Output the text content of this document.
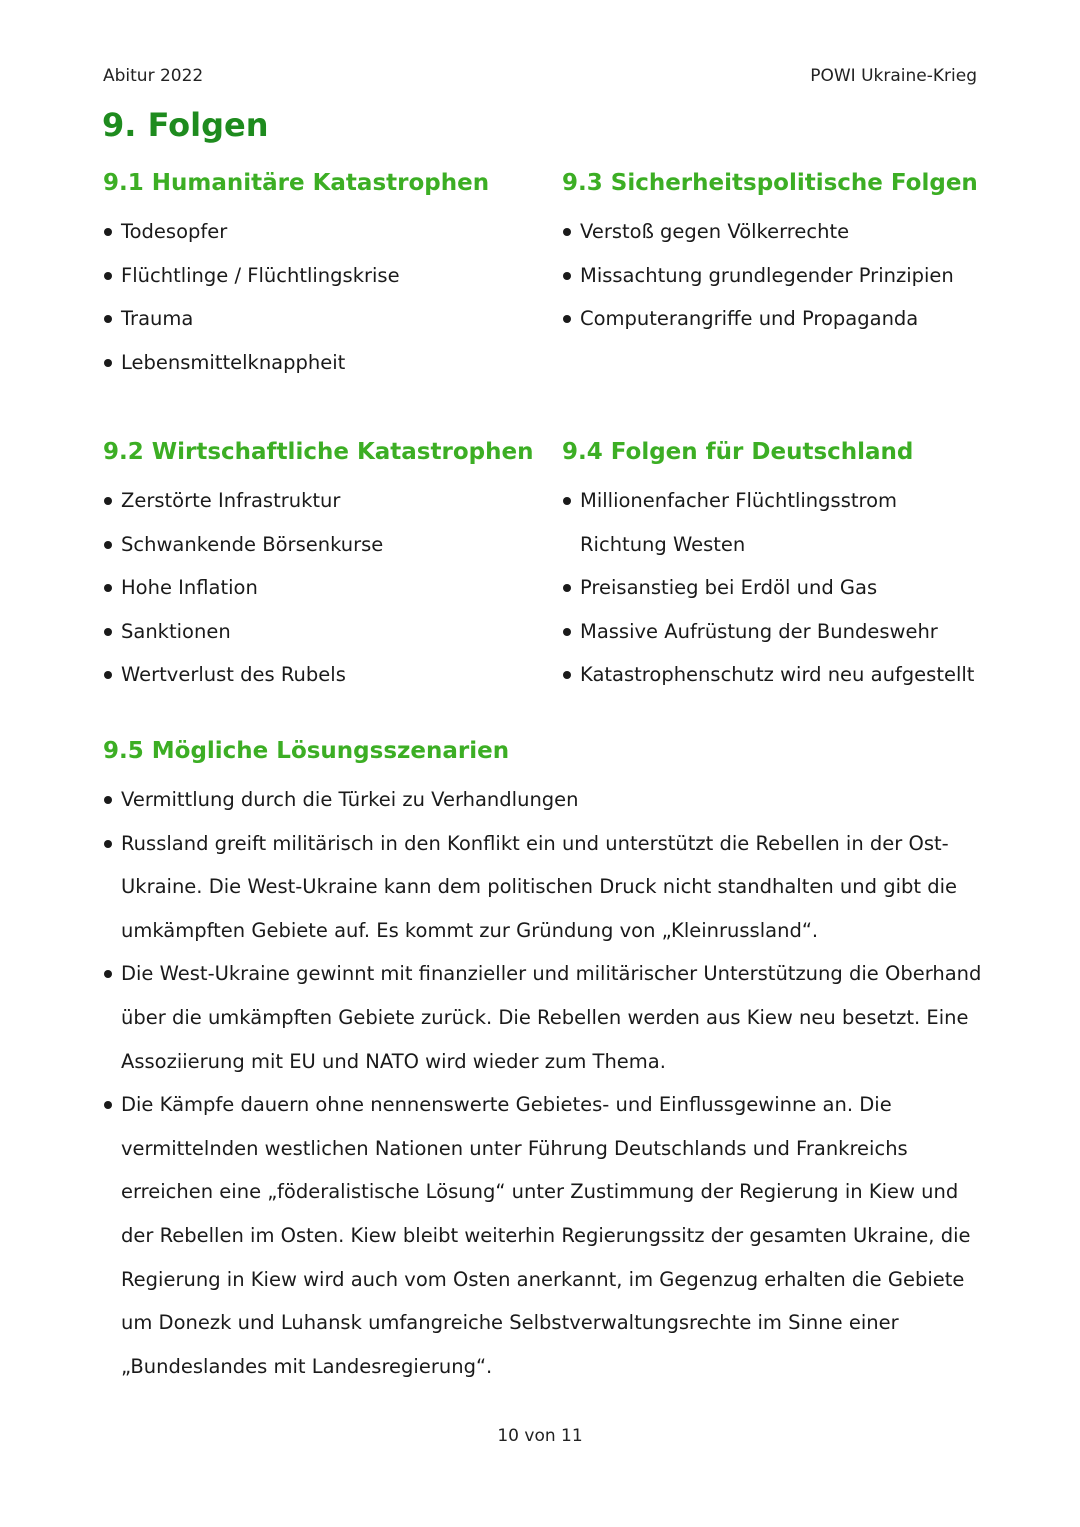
Abitur 2022	POWI Ukraine-Krieg
9. Folgen
9.1 Humanitäre Katastrophen
Todesopfer
Flüchtlinge / Flüchtlingskrise
Trauma
Lebensmittelknappheit
9.3 Sicherheitspolitische Folgen
Verstoß gegen Völkerrechte
Missachtung grundlegender Prinzipien
Computerangriffe und Propaganda
9.2 Wirtschaftliche Katastrophen
Zerstörte Infrastruktur
Schwankende Börsenkurse
Hohe Inflation
Sanktionen
Wertverlust des Rubels
9.4 Folgen für Deutschland
Millionenfacher Flüchtlingsstrom Richtung Westen
Preisanstieg bei Erdöl und Gas
Massive Aufrüstung der Bundeswehr
Katastrophenschutz wird neu aufgestellt
9.5 Mögliche Lösungsszenarien
Vermittlung durch die Türkei zu Verhandlungen
Russland greift militärisch in den Konflikt ein und unterstützt die Rebellen in der Ost-Ukraine. Die West-Ukraine kann dem politischen Druck nicht standhalten und gibt die umkämpften Gebiete auf. Es kommt zur Gründung von „Kleinrussland“.
Die West-Ukraine gewinnt mit finanzieller und militärischer Unterstützung die Oberhand über die umkämpften Gebiete zurück. Die Rebellen werden aus Kiew neu besetzt. Eine Assoziierung mit EU und NATO wird wieder zum Thema.
Die Kämpfe dauern ohne nennenswerte Gebietes- und Einflussgewinne an. Die vermittelnden westlichen Nationen unter Führung Deutschlands und Frankreichs erreichen eine „föderalistische Lösung“ unter Zustimmung der Regierung in Kiew und der Rebellen im Osten. Kiew bleibt weiterhin Regierungssitz der gesamten Ukraine, die Regierung in Kiew wird auch vom Osten anerkannt, im Gegenzug erhalten die Gebiete um Donezk und Luhansk umfangreiche Selbstverwaltungsrechte im Sinne einer „Bundeslandes mit Landesregierung“.
10 von 11
